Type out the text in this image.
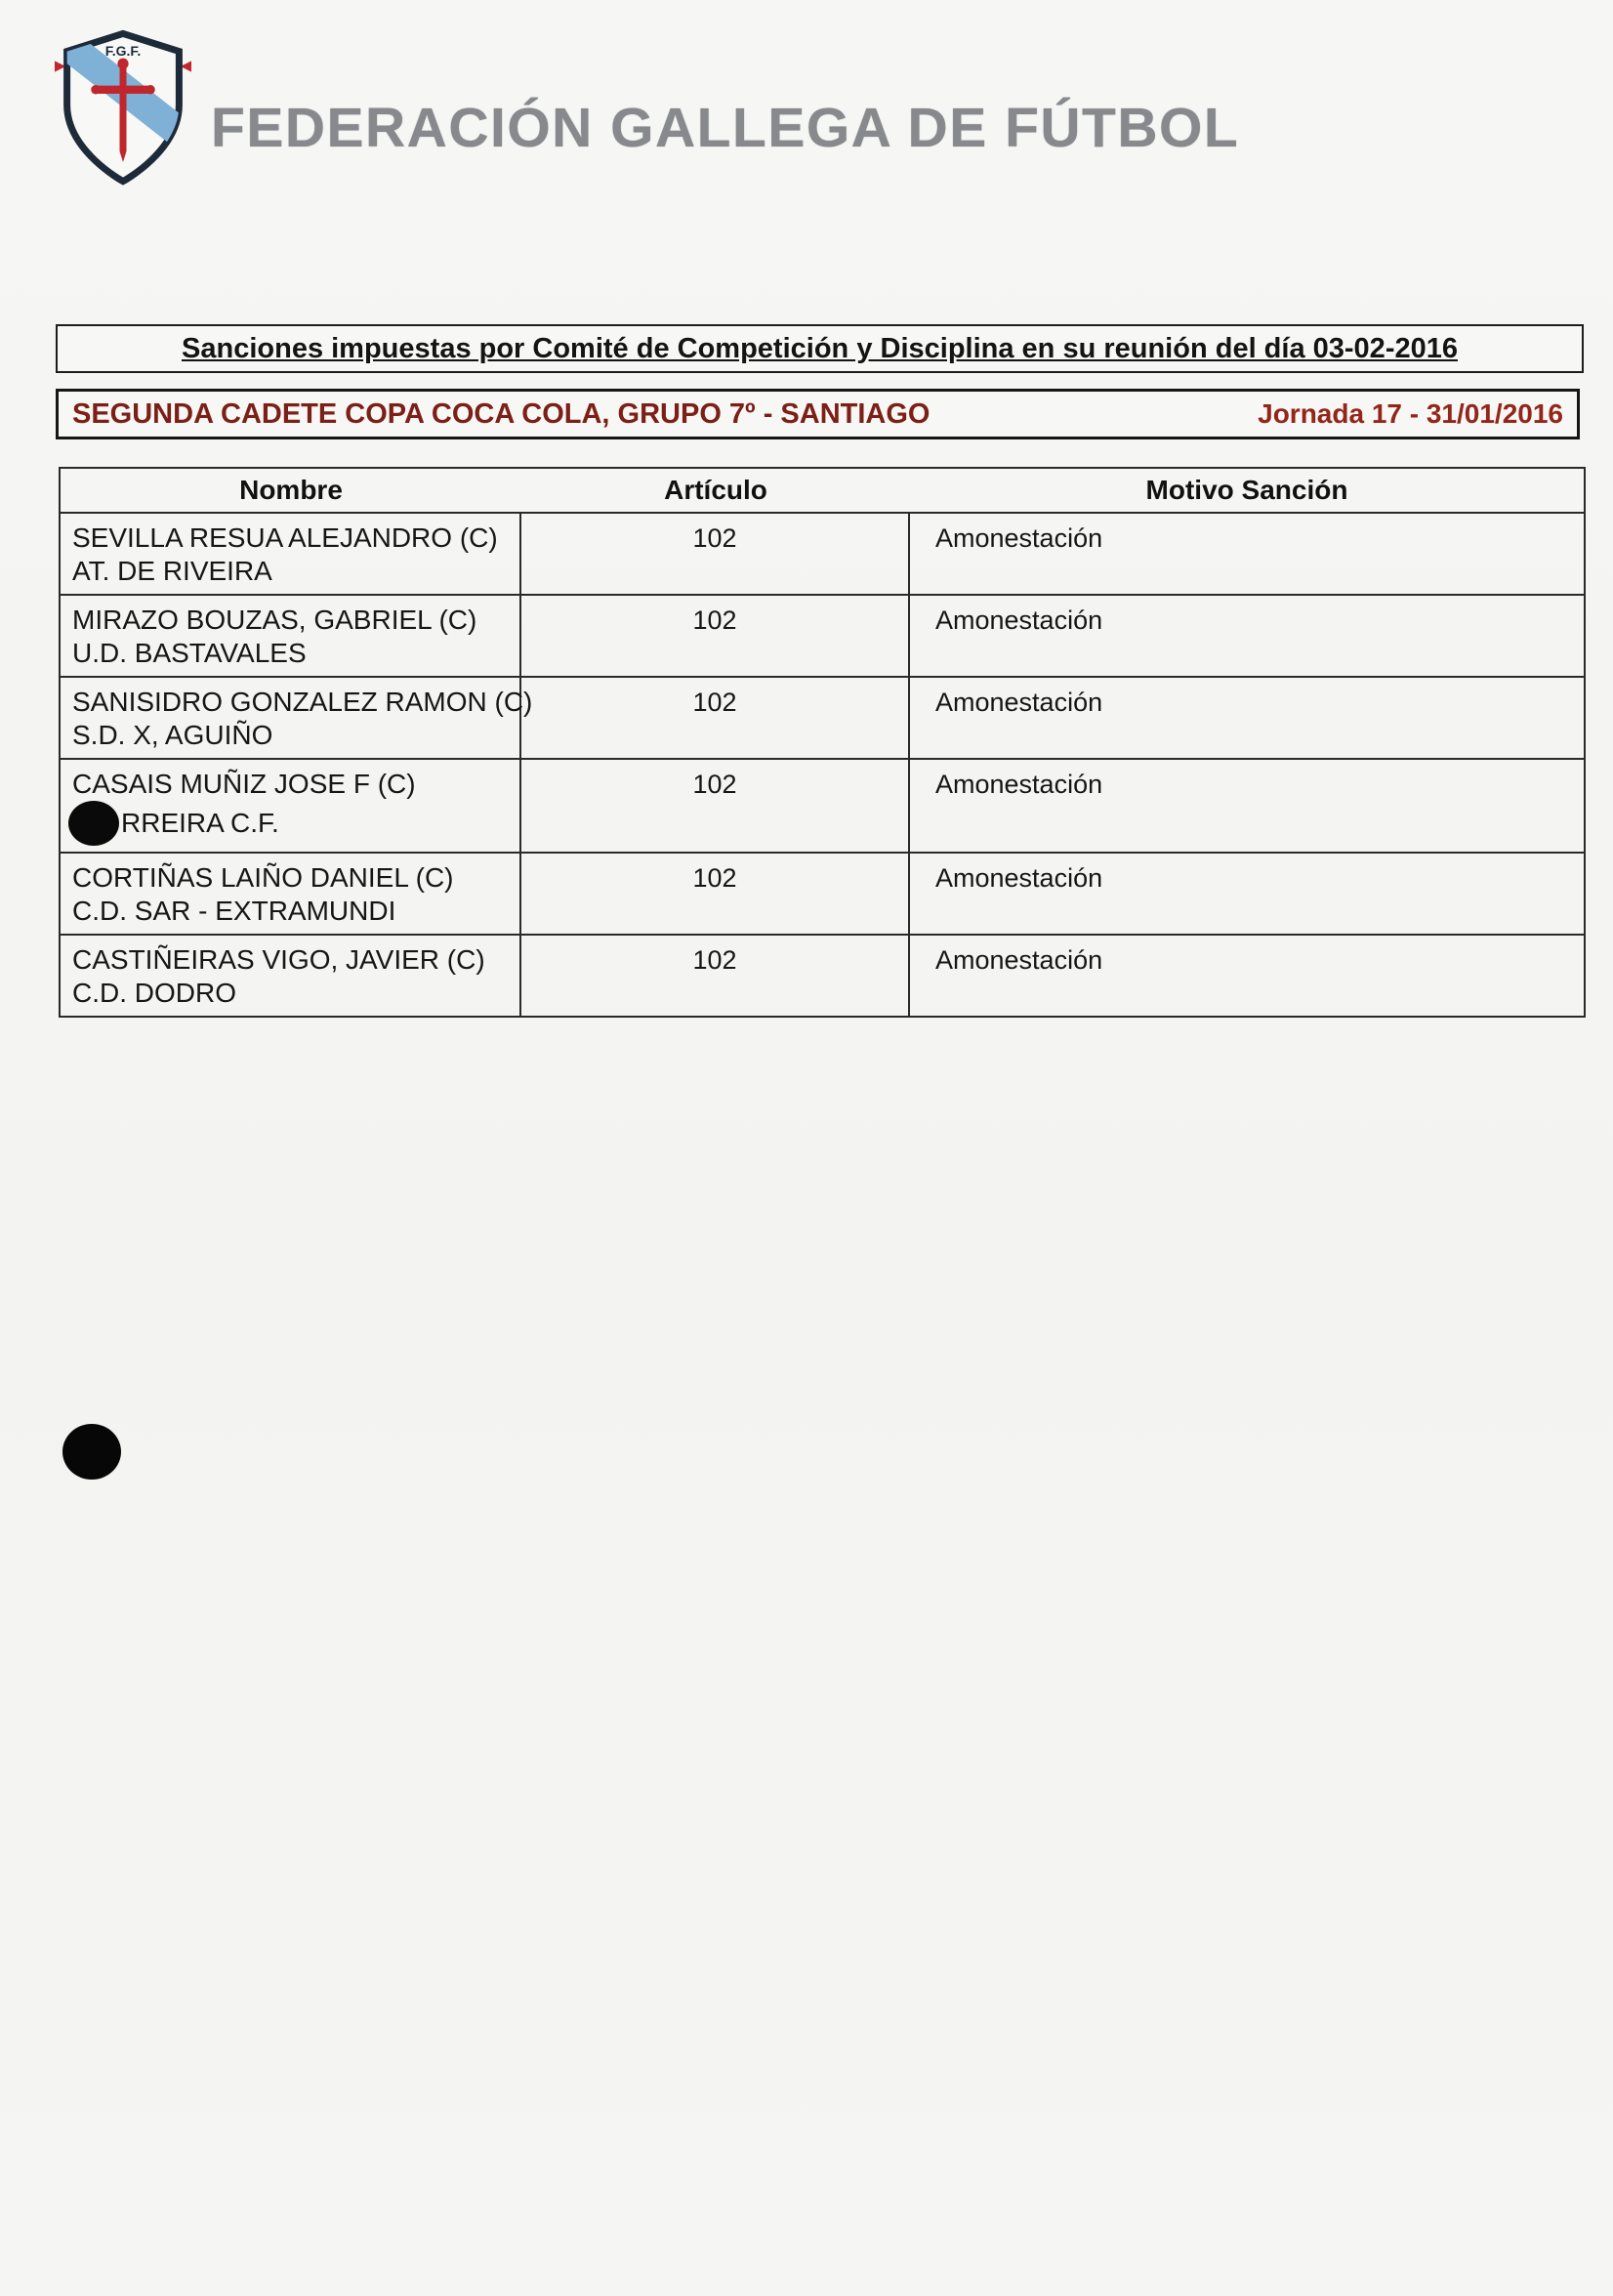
F.G.F.
FEDERACIÓN GALLEGA DE FÚTBOL
Sanciones impuestas por Comité de Competición y Disciplina en su reunión del día 03-02-2016
SEGUNDA CADETE COPA COCA COLA, GRUPO 7º - SANTIAGO	Jornada 17 - 31/01/2016
Nombre	Artículo	Motivo Sanción
SEVILLA RESUA ALEJANDRO (C)
AT. DE RIVEIRA
102	Amonestación
MIRAZO BOUZAS, GABRIEL (C)
U.D. BASTAVALES
102	Amonestación
SANISIDRO GONZALEZ RAMON (C)
S.D. X, AGUIÑO
102	Amonestación
CASAIS MUÑIZ JOSE F (C)
RREIRA C.F.
102	Amonestación
CORTIÑAS LAIÑO DANIEL (C)
C.D. SAR - EXTRAMUNDI
102	Amonestación
CASTIÑEIRAS VIGO, JAVIER (C)
C.D. DODRO
102	Amonestación
